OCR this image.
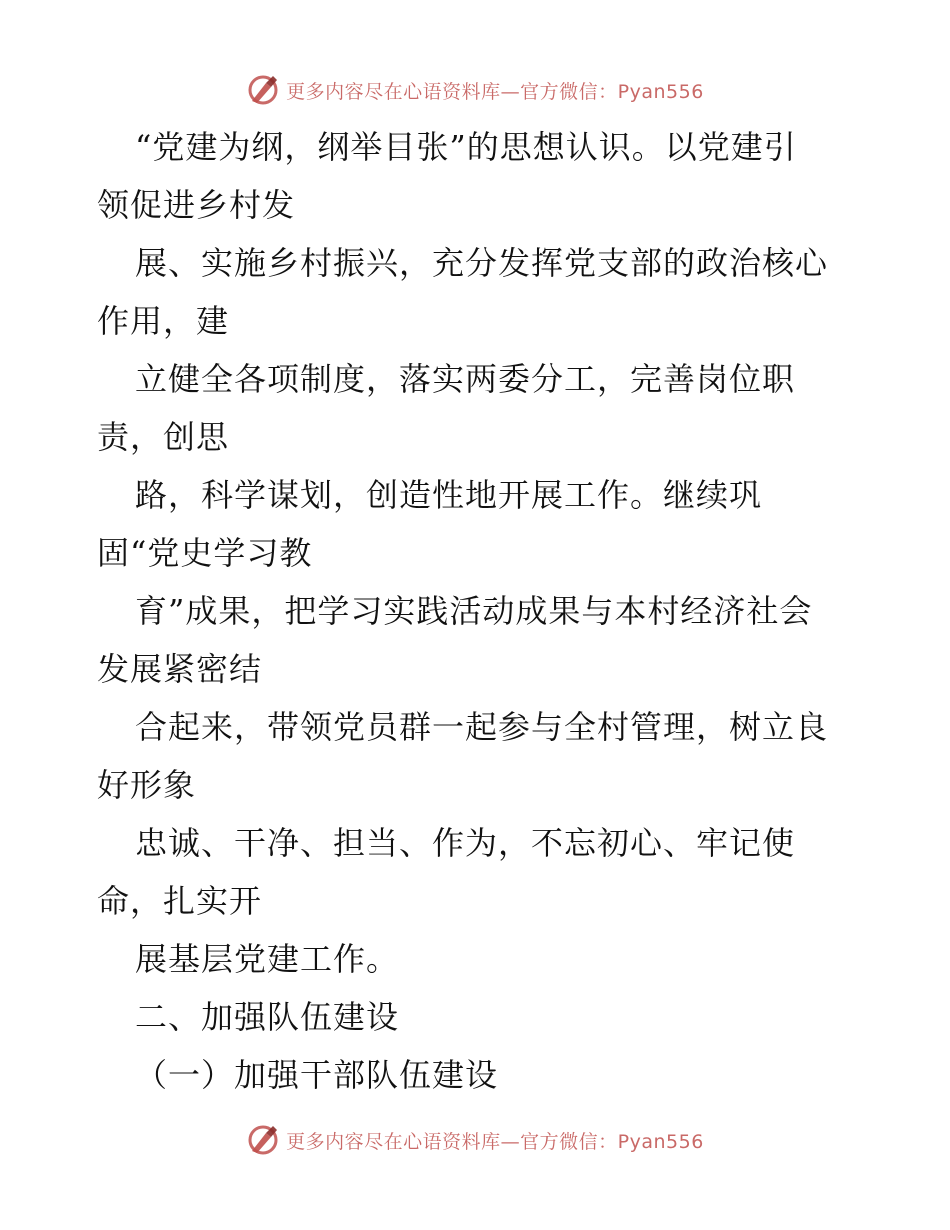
更多内容尽在心语资料库—官方微信：Pyan556
“党建为纲，纲举目张”的思想认识。以党建引
领促进乡村发
展、实施乡村振兴，充分发挥党支部的政治核心
作用，建
立健全各项制度，落实两委分工，完善岗位职
责，创思
路，科学谋划，创造性地开展工作。继续巩
固“党史学习教
育”成果，把学习实践活动成果与本村经济社会
发展紧密结
合起来，带领党员群一起参与全村管理，树立良
好形象
忠诚、干净、担当、作为，不忘初心、牢记使
命，扎实开
展基层党建工作。
二、加强队伍建设
（一）加强干部队伍建设
更多内容尽在心语资料库—官方微信：Pyan556
